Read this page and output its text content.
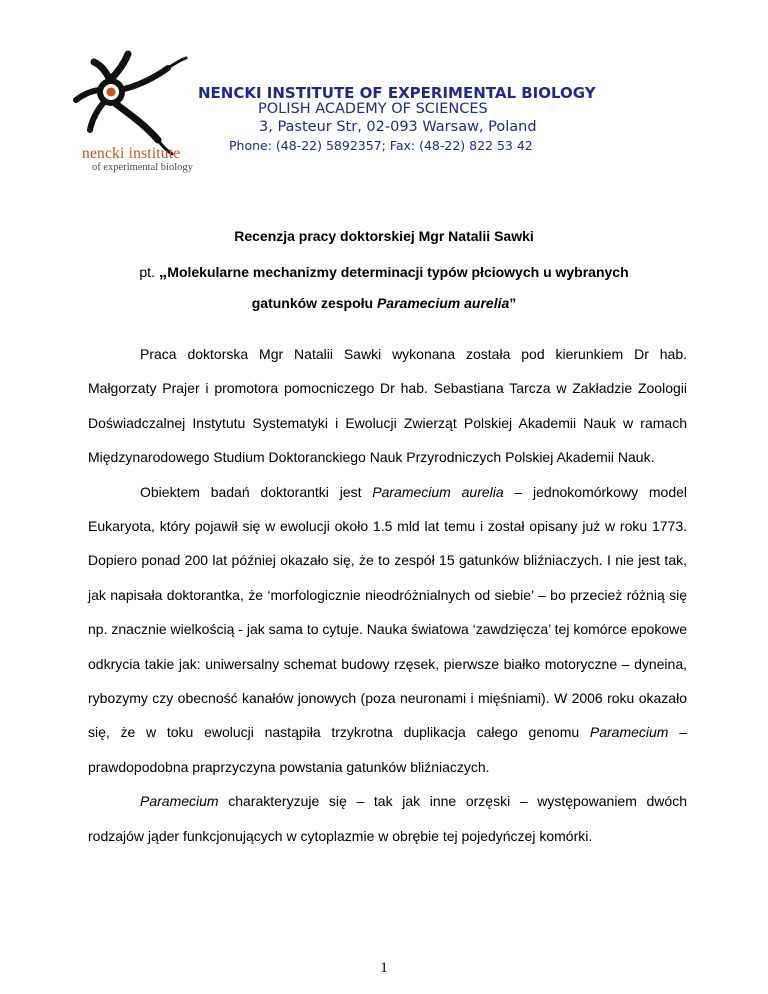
nencki institute
of experimental biology
NENCKI INSTITUTE OF EXPERIMENTAL BIOLOGY
POLISH ACADEMY OF SCIENCES
3, Pasteur Str, 02-093 Warsaw, Poland
Phone: (48-22) 5892357; Fax: (48-22) 822 53 42
Recenzja pracy doktorskiej Mgr Natalii Sawki
pt. „Molekularne mechanizmy determinacji typów płciowych u wybranych
gatunków zespołu Paramecium aurelia”

Praca doktorska Mgr Natalii Sawki wykonana została pod kierunkiem Dr hab. Małgorzaty Prajer i promotora pomocniczego Dr hab. Sebastiana Tarcza w Zakładzie Zoologii Doświadczalnej Instytutu Systematyki i Ewolucji Zwierząt Polskiej Akademii Nauk w ramach Międzynarodowego Studium Doktoranckiego Nauk Przyrodniczych Polskiej Akademii Nauk.

Obiektem badań doktorantki jest Paramecium aurelia – jednokomórkowy model Eukaryota, który pojawił się w ewolucji około 1.5 mld lat temu i został opisany już w roku 1773. Dopiero ponad 200 lat później okazało się, że to zespół 15 gatunków bliźniaczych. I nie jest tak, jak napisała doktorantka, że ‘morfologicznie nieodróżnialnych od siebie’ – bo przecież różnią się np. znacznie wielkością - jak sama to cytuje. Nauka światowa ‘zawdzięcza’ tej komórce epokowe odkrycia takie jak: uniwersalny schemat budowy rzęsek, pierwsze białko motoryczne – dyneina, rybozymy czy obecność kanałów jonowych (poza neuronami i mięśniami). W 2006 roku okazało się, że w toku ewolucji nastąpiła trzykrotna duplikacja całego genomu Paramecium – prawdopodobna praprzyczyna powstania gatunków bliźniaczych.

Paramecium charakteryzuje się – tak jak inne orzęski – występowaniem dwóch rodzajów jąder funkcjonujących w cytoplazmie w obrębie tej pojedyńczej komórki.

1
